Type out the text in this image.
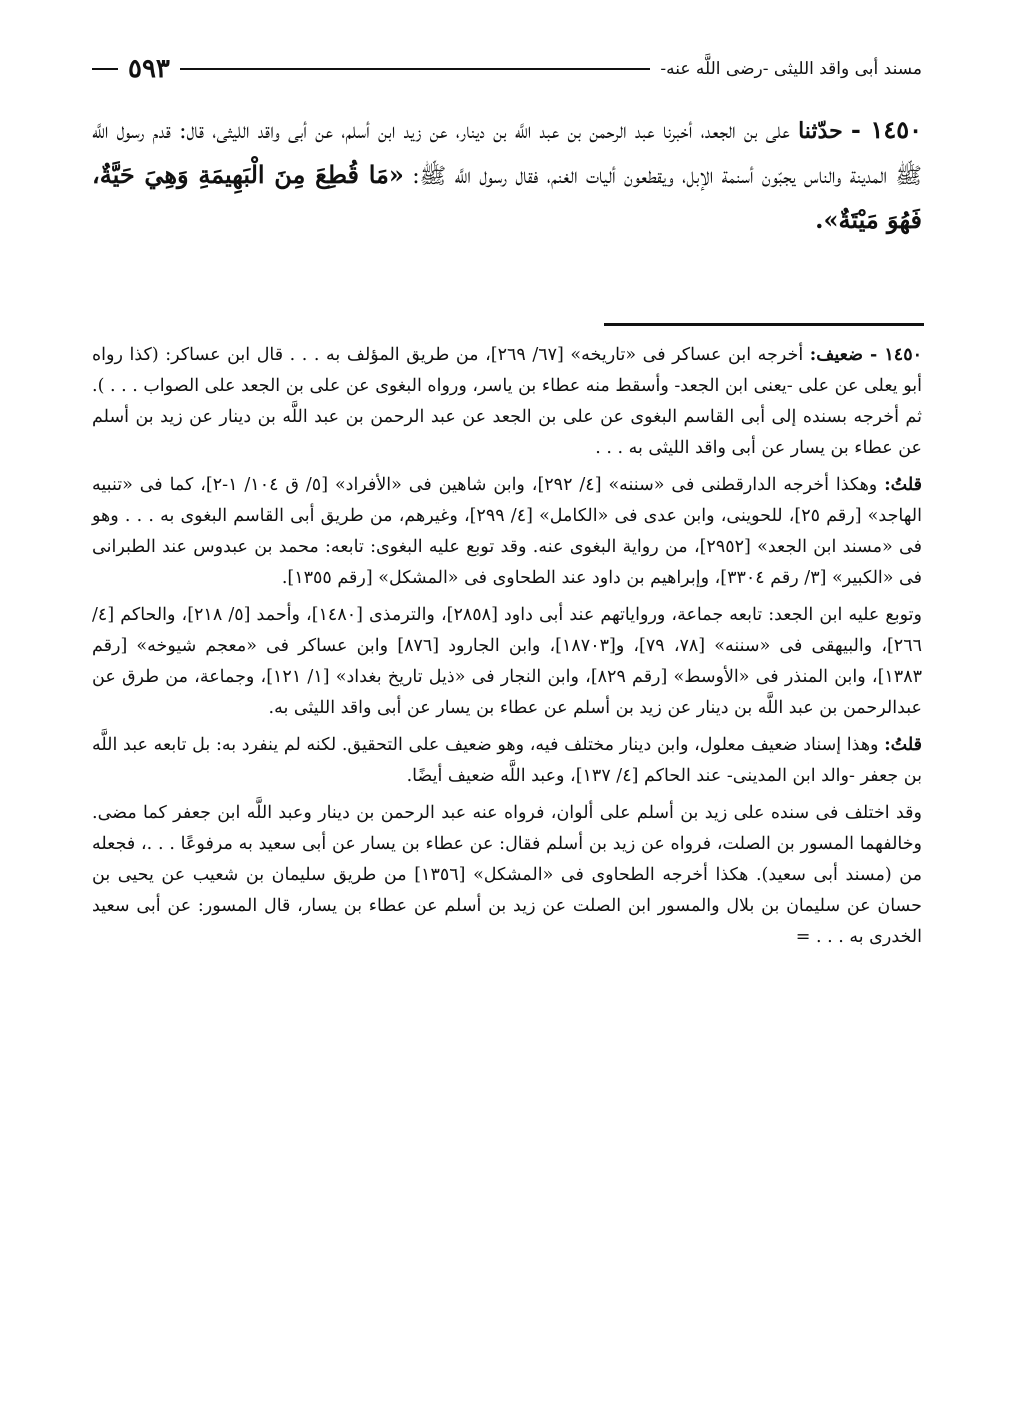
مسند أبى واقد الليثى -رضى اللَّه عنه-
٥٩٣
١٤٥٠ - حدّثنا على بن الجعد، أخبرنا عبد الرحمن بن عبد اللَّه بن دينار، عن زيد ابن أسلم، عن أبى واقد الليثى، قال: قدم رسول اللَّه ﷺ المدينة والناس يجبّون أسنمة الإبل، ويقطعون أليات الغنم، فقال رسول اللَّه ﷺ: «مَا قُطِعَ مِنَ الْبَهِيمَةِ وَهِيَ حَيَّةٌ، فَهُوَ مَيْتَةٌ».

١٤٥٠ - ضعيف: أخرجه ابن عساكر فى «تاريخه» [٦٧/ ٢٦٩]، من طريق المؤلف به . . . قال ابن عساكر: (كذا رواه أبو يعلى عن على -يعنى ابن الجعد- وأسقط منه عطاء بن ياسر، ورواه البغوى عن على بن الجعد على الصواب . . . ). ثم أخرجه بسنده إلى أبى القاسم البغوى عن على بن الجعد عن عبد الرحمن بن عبد اللَّه بن دينار عن زيد بن أسلم عن عطاء بن يسار عن أبى واقد الليثى به . . .

قلتُ: وهكذا أخرجه الدارقطنى فى «سننه» [٤/ ٢٩٢]، وابن شاهين فى «الأفراد» [٥/ ق ١٠٤/ ١-٢]، كما فى «تنبيه الهاجد» [رقم ٢٥]، للحوينى، وابن عدى فى «الكامل» [٤/ ٢٩٩]، وغيرهم، من طريق أبى القاسم البغوى به . . . وهو فى «مسند ابن الجعد» [٢٩٥٢]، من رواية البغوى عنه. وقد توبع عليه البغوى: تابعه: محمد بن عبدوس عند الطبرانى فى «الكبير» [٣/ رقم ٣٣٠٤]، وإبراهيم بن داود عند الطحاوى فى «المشكل» [رقم ١٣٥٥].

وتوبع عليه ابن الجعد: تابعه جماعة، ورواياتهم عند أبى داود [٢٨٥٨]، والترمذى [١٤٨٠]، وأحمد [٥/ ٢١٨]، والحاكم [٤/ ٢٦٦]، والبيهقى فى «سننه» [٧٨، ٧٩]، و[١٨٧٠٣]، وابن الجارود [٨٧٦] وابن عساكر فى «معجم شيوخه» [رقم ١٣٨٣]، وابن المنذر فى «الأوسط» [رقم ٨٢٩]، وابن النجار فى «ذيل تاريخ بغداد» [١/ ١٢١]، وجماعة، من طرق عن عبدالرحمن بن عبد اللَّه بن دينار عن زيد بن أسلم عن عطاء بن يسار عن أبى واقد الليثى به.

قلتُ: وهذا إسناد ضعيف معلول، وابن دينار مختلف فيه، وهو ضعيف على التحقيق. لكنه لم ينفرد به: بل تابعه عبد اللَّه بن جعفر -والد ابن المدينى- عند الحاكم [٤/ ١٣٧]، وعبد اللَّه ضعيف أيضًا.

وقد اختلف فى سنده على زيد بن أسلم على ألوان، فرواه عنه عبد الرحمن بن دينار وعبد اللَّه ابن جعفر كما مضى. وخالفهما المسور بن الصلت، فرواه عن زيد بن أسلم فقال: عن عطاء بن يسار عن أبى سعيد به مرفوعًا . . .، فجعله من (مسند أبى سعيد). هكذا أخرجه الطحاوى فى «المشكل» [١٣٥٦] من طريق سليمان بن شعيب عن يحيى بن حسان عن سليمان بن بلال والمسور ابن الصلت عن زيد بن أسلم عن عطاء بن يسار، قال المسور: عن أبى سعيد الخدرى به . . . =
